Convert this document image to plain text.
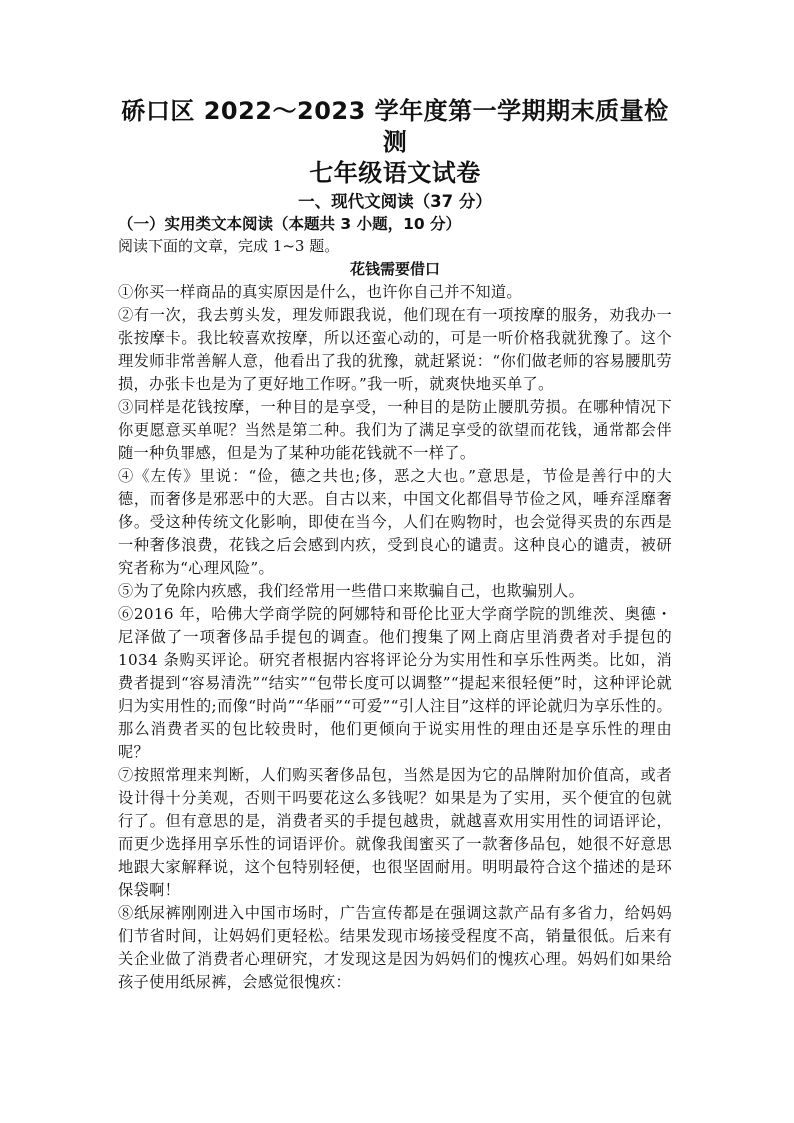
硚口区 2022～2023 学年度第一学期期末质量检测
七年级语文试卷
一、现代文阅读（37 分）
（一）实用类文本阅读（本题共 3 小题，10 分）

阅读下面的文章，完成 1~3 题。

花钱需要借口

①你买一样商品的真实原因是什么，也许你自己并不知道。

②有一次，我去剪头发，理发师跟我说，他们现在有一项按摩的服务，劝我办一张按摩卡。我比较喜欢按摩，所以还蛮心动的，可是一听价格我就犹豫了。这个理发师非常善解人意，他看出了我的犹豫，就赶紧说：“你们做老师的容易腰肌劳损，办张卡也是为了更好地工作呀。”我一听，就爽快地买单了。

③同样是花钱按摩，一种目的是享受，一种目的是防止腰肌劳损。在哪种情况下你更愿意买单呢？当然是第二种。我们为了满足享受的欲望而花钱，通常都会伴随一种负罪感，但是为了某种功能花钱就不一样了。

④《左传》里说：“俭，德之共也;侈，恶之大也。”意思是，节俭是善行中的大德，而奢侈是邪恶中的大恶。自古以来，中国文化都倡导节俭之风，唾弃淫靡奢侈。受这种传统文化影响，即使在当今，人们在购物时，也会觉得买贵的东西是一种奢侈浪费，花钱之后会感到内疚，受到良心的谴责。这种良心的谴责，被研究者称为“心理风险”。

⑤为了免除内疚感，我们经常用一些借口来欺骗自己，也欺骗别人。

⑥2016 年，哈佛大学商学院的阿娜特和哥伦比亚大学商学院的凯维茨、奥德・尼泽做了一项奢侈品手提包的调查。他们搜集了网上商店里消费者对手提包的 1034 条购买评论。研究者根据内容将评论分为实用性和享乐性两类。比如，消费者提到“容易清洗”“结实”“包带长度可以调整”“提起来很轻便”时，这种评论就归为实用性的;而像“时尚”“华丽”“可爱”“引人注目”这样的评论就归为享乐性的。那么消费者买的包比较贵时，他们更倾向于说实用性的理由还是享乐性的理由呢？

⑦按照常理来判断，人们购买奢侈品包，当然是因为它的品牌附加价值高，或者设计得十分美观，否则干吗要花这么多钱呢？如果是为了实用，买个便宜的包就行了。但有意思的是，消费者买的手提包越贵，就越喜欢用实用性的词语评论，而更少选择用享乐性的词语评价。就像我闺蜜买了一款奢侈品包，她很不好意思地跟大家解释说，这个包特别轻便，也很坚固耐用。明明最符合这个描述的是环保袋啊！

⑧纸尿裤刚刚进入中国市场时，广告宣传都是在强调这款产品有多省力，给妈妈们节省时间，让妈妈们更轻松。结果发现市场接受程度不高，销量很低。后来有关企业做了消费者心理研究，才发现这是因为妈妈们的愧疚心理。妈妈们如果给孩子使用纸尿裤，会感觉很愧疚：
